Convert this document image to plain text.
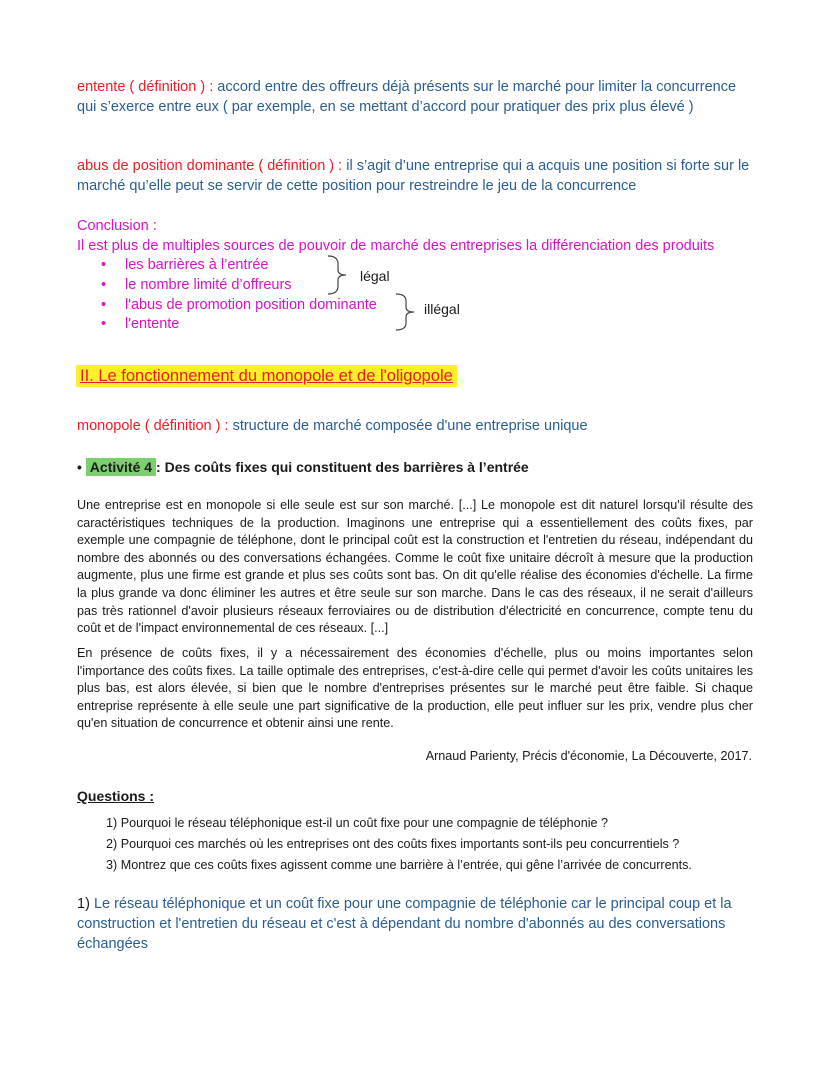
entente ( définition ) : accord entre des offreurs déjà présents sur le marché pour limiter la concurrence qui s’exerce entre eux ( par exemple, en se mettant d’accord pour pratiquer des prix plus élevé )
abus de position dominante ( définition ) : il s’agit d’une entreprise qui a acquis une position si forte sur le marché qu’elle peut se servir de cette position pour restreindre le jeu de la concurrence
Conclusion :
Il est plus de multiples sources de pouvoir de marché des entreprises la différenciation des produits
• les barrières à l’entrée
• le nombre limité d’offreurs
• l'abus de promotion position dominante
• l'entente
légal
illégal
II. Le fonctionnement du monopole et de l'oligopole
monopole ( définition ) : structure de marché composée d'une entreprise unique
• Activité 4 : Des coûts fixes qui constituent des barrières à l’entrée
Une entreprise est en monopole si elle seule est sur son marché. [...] Le monopole est dit naturel lorsqu'il résulte des caractéristiques techniques de la production. Imaginons une entreprise qui a essentiellement des coûts fixes, par exemple une compagnie de téléphone, dont le principal coût est la construction et l'entretien du réseau, indépendant du nombre des abonnés ou des conversations échangées. Comme le coût fixe unitaire décroît à mesure que la production augmente, plus une firme est grande et plus ses coûts sont bas. On dit qu'elle réalise des économies d'échelle. La firme la plus grande va donc éliminer les autres et être seule sur son marche. Dans le cas des réseaux, il ne serait d'ailleurs pas très rationnel d'avoir plusieurs réseaux ferroviaires ou de distribution d'électricité en concurrence, compte tenu du coût et de l'impact environnemental de ces réseaux. [...]
En présence de coûts fixes, il y a nécessairement des économies d'échelle, plus ou moins importantes selon l'importance des coûts fixes. La taille optimale des entreprises, c'est-à-dire celle qui permet d'avoir les coûts unitaires les plus bas, est alors élevée, si bien que le nombre d'entreprises présentes sur le marché peut être faible. Si chaque entreprise représente à elle seule une part significative de la production, elle peut influer sur les prix, vendre plus cher qu'en situation de concurrence et obtenir ainsi une rente.
Arnaud Parienty, Précis d'économie, La Découverte, 2017.
Questions :
1) Pourquoi le réseau téléphonique est-il un coût fixe pour une compagnie de téléphonie ?
2) Pourquoi ces marchés où les entreprises ont des coûts fixes importants sont-ils peu concurrentiels ?
3) Montrez que ces coûts fixes agissent comme une barrière à l’entrée, qui gêne l’arrivée de concurrents.
1) Le réseau téléphonique et un coût fixe pour une compagnie de téléphonie car le principal coup et la construction et l'entretien du réseau et c'est à dépendant du nombre d'abonnés au des conversations échangées
